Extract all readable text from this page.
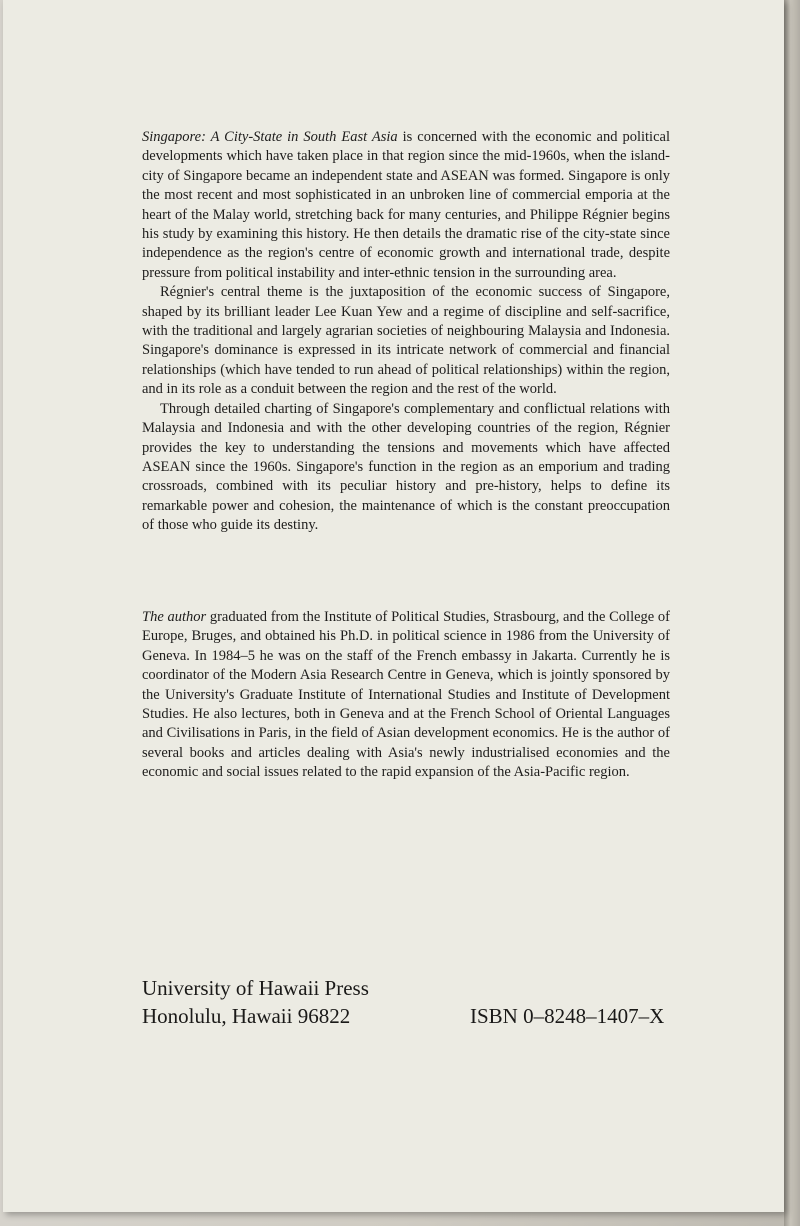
Singapore: A City-State in South East Asia is concerned with the economic and political developments which have taken place in that region since the mid-1960s, when the island-city of Singapore became an independent state and ASEAN was formed. Singapore is only the most recent and most sophisticated in an unbroken line of commercial emporia at the heart of the Malay world, stretching back for many centuries, and Philippe Régnier begins his study by examining this history. He then details the dramatic rise of the city-state since independence as the region's centre of economic growth and international trade, despite pressure from political instability and inter-ethnic tension in the surrounding area.

Régnier's central theme is the juxtaposition of the economic success of Singapore, shaped by its brilliant leader Lee Kuan Yew and a regime of discipline and self-sacrifice, with the traditional and largely agrarian societies of neighbouring Malaysia and Indonesia. Singapore's dominance is expressed in its intricate network of commercial and financial relationships (which have tended to run ahead of political relationships) within the region, and in its role as a conduit between the region and the rest of the world.

Through detailed charting of Singapore's complementary and conflictual relations with Malaysia and Indonesia and with the other developing countries of the region, Régnier provides the key to understanding the tensions and movements which have affected ASEAN since the 1960s. Singapore's function in the region as an emporium and trading crossroads, combined with its peculiar history and pre-history, helps to define its remarkable power and cohesion, the maintenance of which is the constant preoccupation of those who guide its destiny.

The author graduated from the Institute of Political Studies, Strasbourg, and the College of Europe, Bruges, and obtained his Ph.D. in political science in 1986 from the University of Geneva. In 1984–5 he was on the staff of the French embassy in Jakarta. Currently he is coordinator of the Modern Asia Research Centre in Geneva, which is jointly sponsored by the University's Graduate Institute of International Studies and Institute of Development Studies. He also lectures, both in Geneva and at the French School of Oriental Languages and Civilisations in Paris, in the field of Asian development economics. He is the author of several books and articles dealing with Asia's newly industrialised economies and the economic and social issues related to the rapid expansion of the Asia-Pacific region.

University of Hawaii Press
Honolulu, Hawaii 96822	ISBN 0–8248–1407–X
